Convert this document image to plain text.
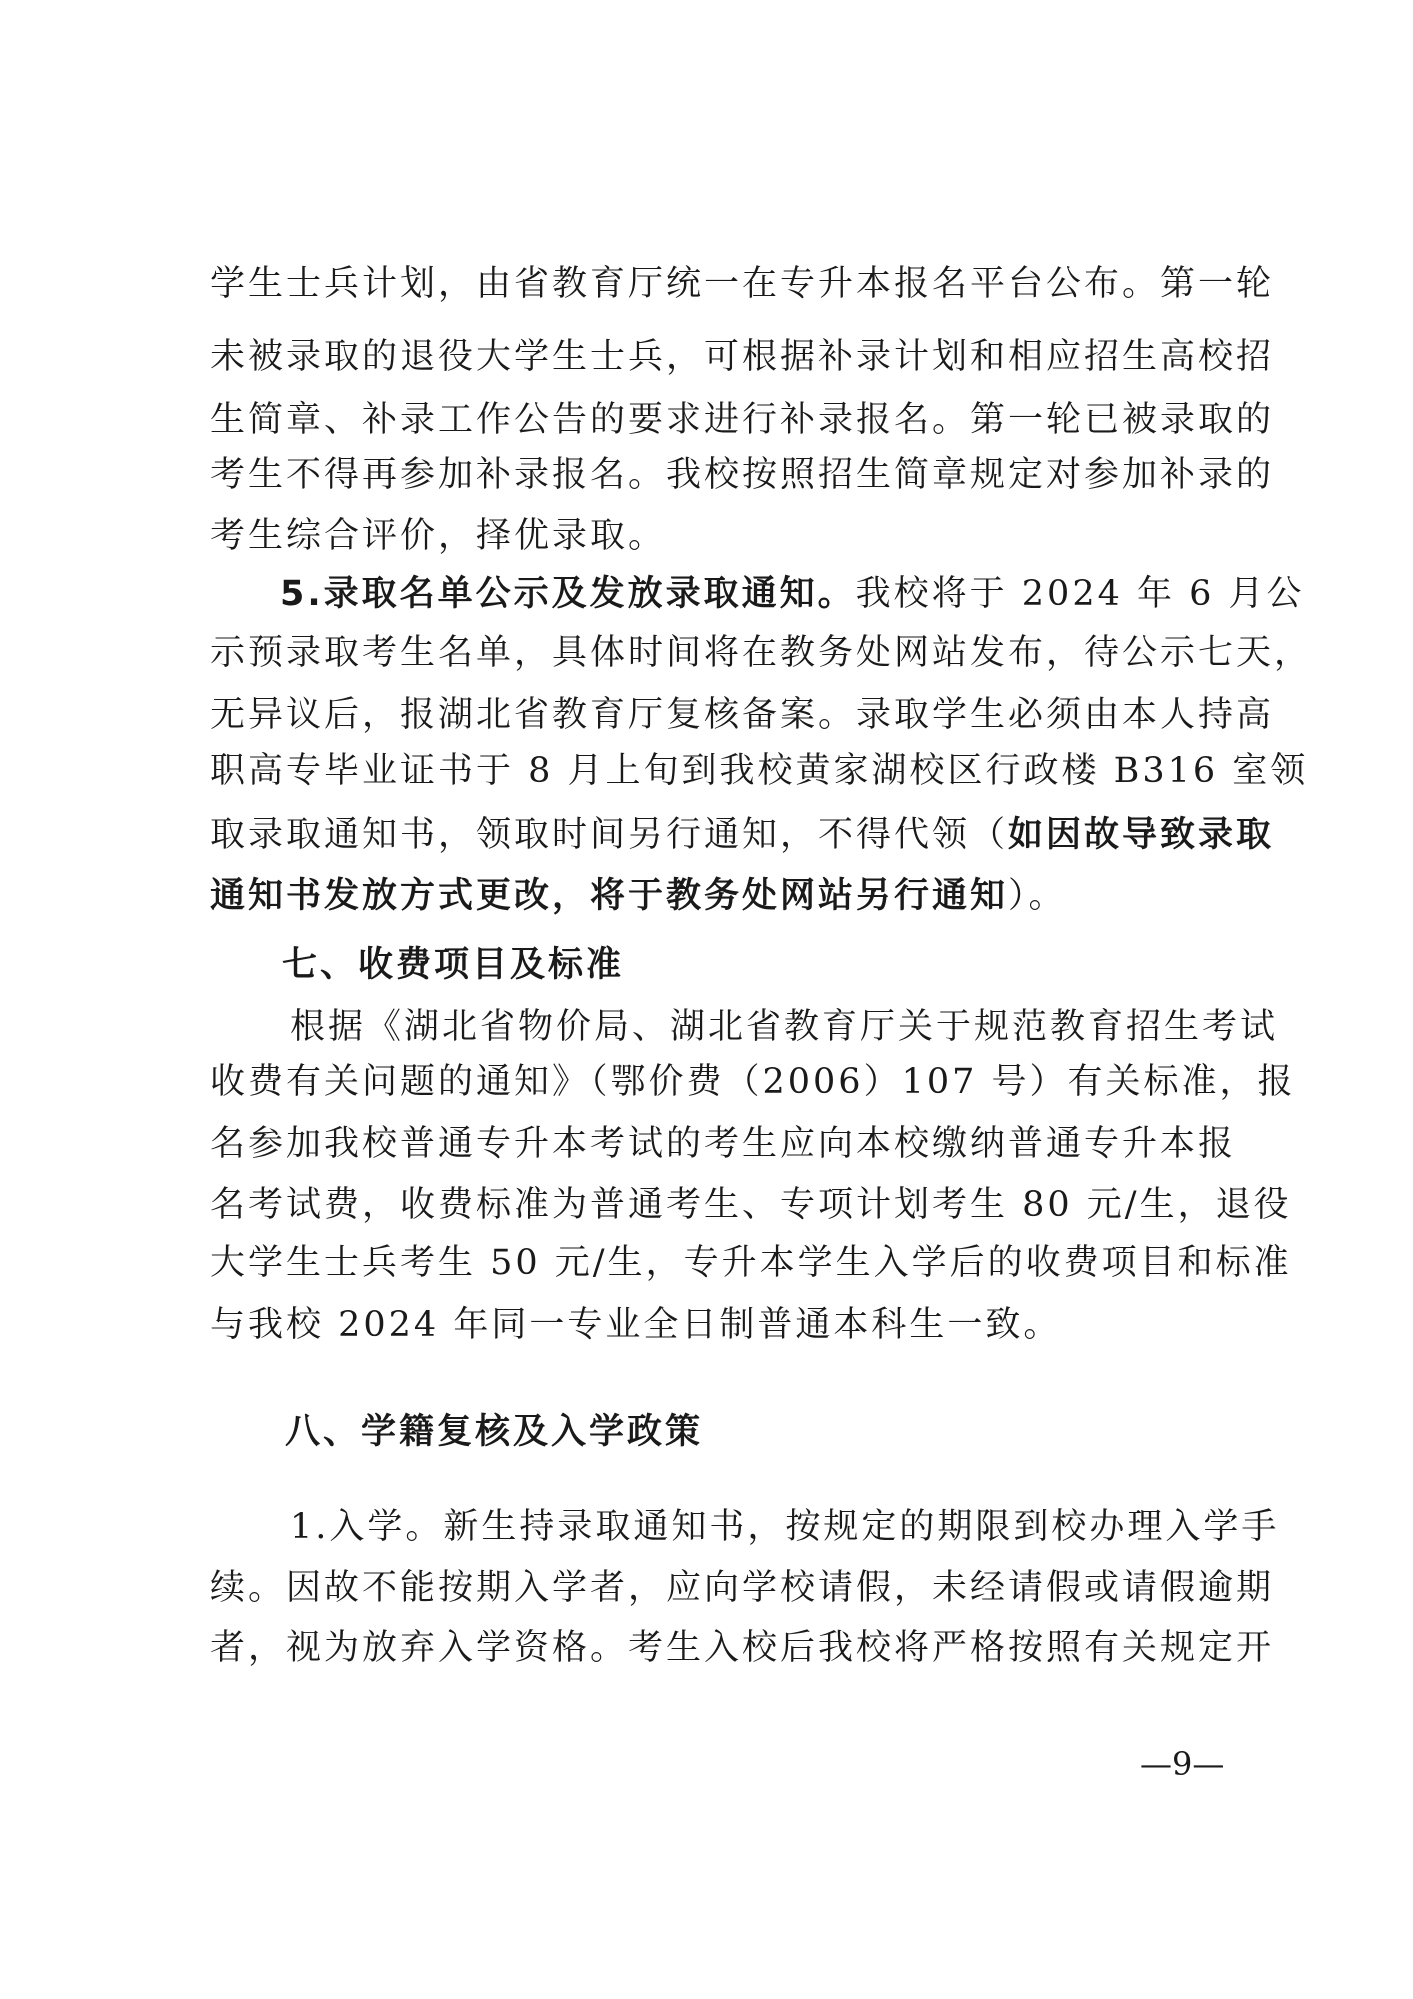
学生士兵计划，由省教育厅统一在专升本报名平台公布。第一轮
未被录取的退役大学生士兵，可根据补录计划和相应招生高校招
生简章、补录工作公告的要求进行补录报名。第一轮已被录取的
考生不得再参加补录报名。我校按照招生简章规定对参加补录的
考生综合评价，择优录取。
5.录取名单公示及发放录取通知。我校将于 2024 年 6 月公
示预录取考生名单，具体时间将在教务处网站发布，待公示七天，
无异议后，报湖北省教育厅复核备案。录取学生必须由本人持高
职高专毕业证书于 8 月上旬到我校黄家湖校区行政楼 B316 室领
取录取通知书，领取时间另行通知，不得代领（如因故导致录取
通知书发放方式更改，将于教务处网站另行通知）。
七、收费项目及标准
根据《湖北省物价局、湖北省教育厅关于规范教育招生考试
收费有关问题的通知》（鄂价费（2006）107 号）有关标准，报
名参加我校普通专升本考试的考生应向本校缴纳普通专升本报
名考试费，收费标准为普通考生、专项计划考生 80 元/生，退役
大学生士兵考生 50 元/生，专升本学生入学后的收费项目和标准
与我校 2024 年同一专业全日制普通本科生一致。
八、学籍复核及入学政策
1.入学。新生持录取通知书，按规定的期限到校办理入学手
续。因故不能按期入学者，应向学校请假，未经请假或请假逾期
者，视为放弃入学资格。考生入校后我校将严格按照有关规定开
—9—
